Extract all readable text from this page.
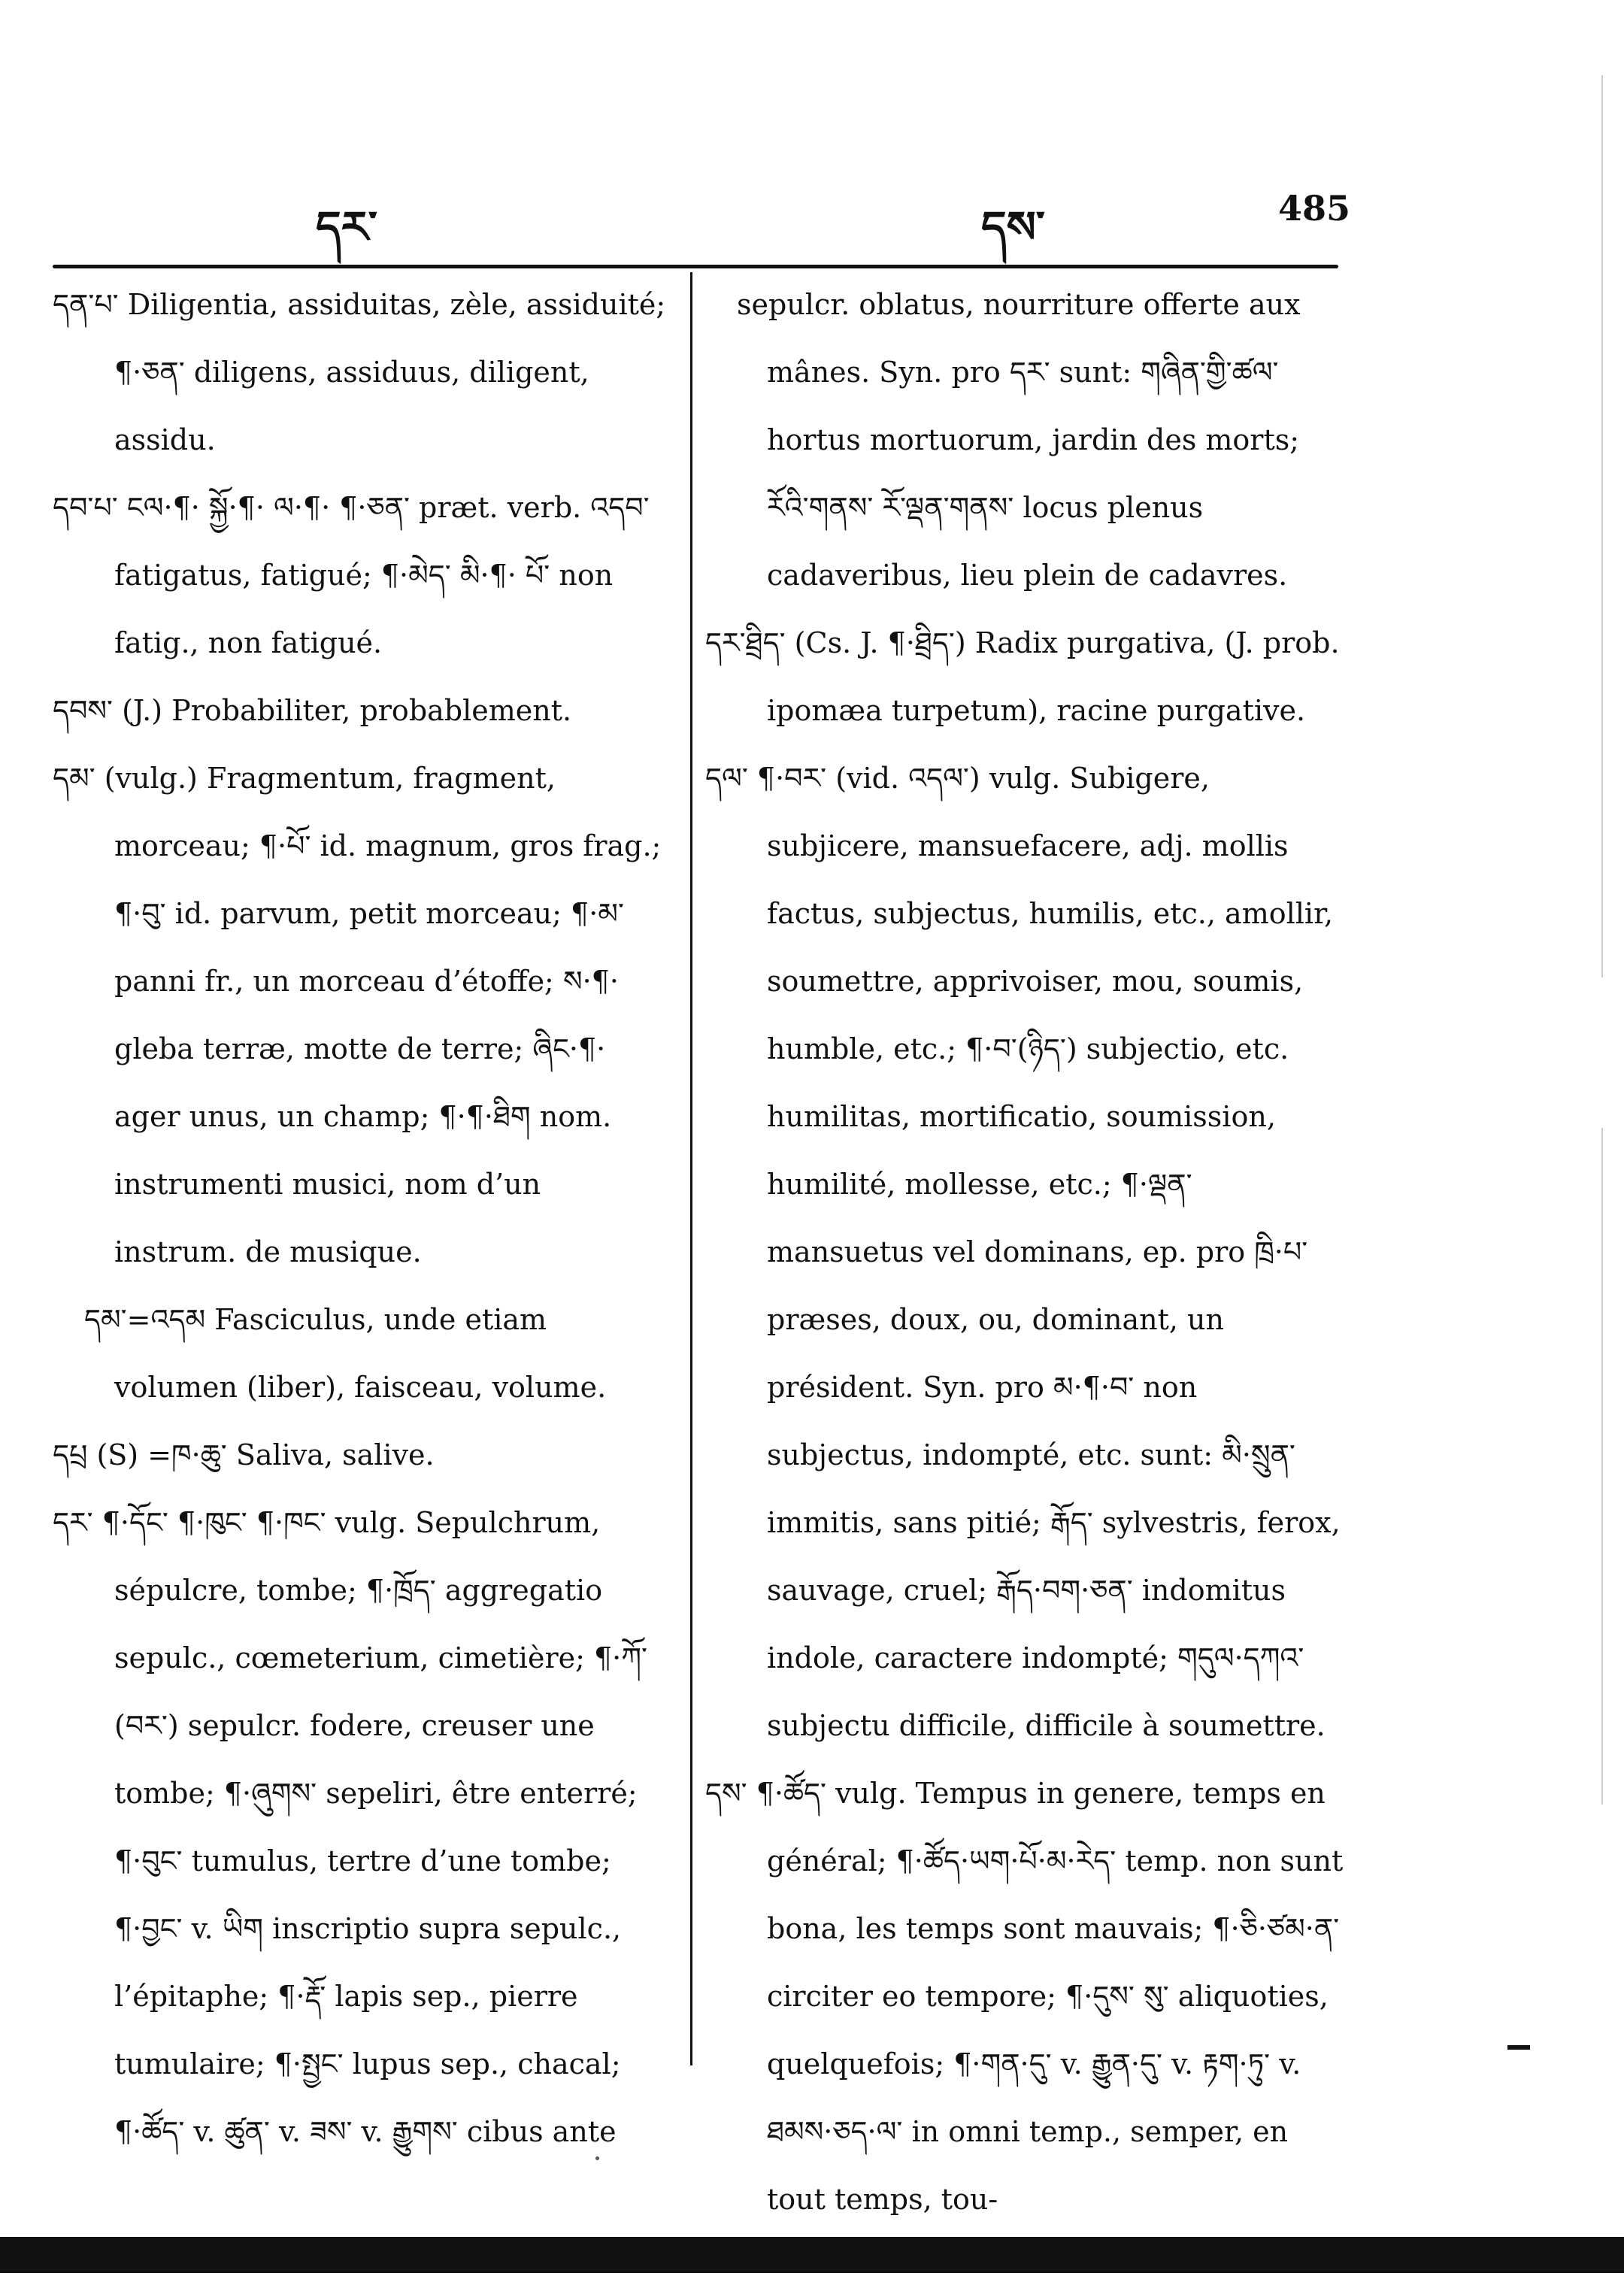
དར་	དས་	485

དན་པ་ Diligentia, assiduitas, zèle, assiduité; ¶·ཅན་ diligens, assiduus, diligent, assidu.

དབ་པ་ ངལ·¶· སྐྱོ·¶· ལ·¶· ¶·ཅན་ præt. verb. འདབ་ fatigatus, fatigué; ¶·མེད་ མི·¶· པོ་ non fatig., non fatigué.

དབས་ (J.) Probabiliter, probablement.

དམ་ (vulg.) Fragmentum, fragment, morceau; ¶·པོ་ id. magnum, gros frag.; ¶·བུ་ id. parvum, petit morceau; ¶·མ་ panni fr., un morceau d’étoffe; ས·¶· gleba terræ, motte de terre; ཞིང·¶· ager unus, un champ; ¶·¶·ཐིག nom. instrumenti musici, nom d’un instrum. de musique.

དམ་=འདམ Fasciculus, unde etiam volumen (liber), faisceau, volume.

དཔྲ (S) =ཁ·ཆུ་ Saliva, salive.

དར་ ¶·དོང་ ¶·ཁུང་ ¶·ཁང་ vulg. Sepulchrum, sépulcre, tombe; ¶·ཁྲོད་ aggregatio sepulc., cœmeterium, cimetière; ¶·ཀོ་(བར་) sepulcr. fodere, creuser une tombe; ¶·ཞུགས་ sepeliri, être enterré; ¶·བུང་ tumulus, tertre d’une tombe; ¶·བྱང་ v. ཡིག inscriptio supra sepulc., l’épitaphe; ¶·རྡོ་ lapis sep., pierre tumulaire; ¶·སྤྱང་ lupus sep., chacal; ¶·ཚོད་ v. ཚུན་ v. ཟས་ v. རྒྱུགས་ cibus ante

sepulcr. oblatus, nourriture offerte aux mânes. Syn. pro དར་ sunt: གཞིན་གྱི་ཚལ་ hortus mortuorum, jardin des morts; རོའི་གནས་ རོ་ལྡན་གནས་ locus plenus cadaveribus, lieu plein de cadavres.

དར་ཐྲིད་ (Cs. J. ¶·ཐྲིད་) Radix purgativa, (J. prob. ipomæa turpetum), racine purgative.

དལ་ ¶·བར་ (vid. འདལ་) vulg. Subigere, subjicere, mansuefacere, adj. mollis factus, subjectus, humilis, etc., amollir, soumettre, apprivoiser, mou, soumis, humble, etc.; ¶·བ་(ཉིད་) subjectio, etc. humilitas, mortificatio, soumission, humilité, mollesse, etc.; ¶·ལྡན་ mansuetus vel dominans, ep. pro ཁྲི·པ་ præses, doux, ou, dominant, un président. Syn. pro མ·¶·བ་ non subjectus, indompté, etc. sunt: མི·སྲུན་ immitis, sans pitié; རྒོད་ sylvestris, ferox, sauvage, cruel; རྒོད·བག·ཅན་ indomitus indole, caractere indompté; གདུལ·དཀའ་ subjectu difficile, difficile à soumettre.

དས་ ¶·ཚོད་ vulg. Tempus in genere, temps en général; ¶·ཚོད·ཡག·པོ·མ·རེད་ temp. non sunt bona, les temps sont mauvais; ¶·ཅི·ཙམ·ན་ circiter eo tempore; ¶·དུས་ སུ་ aliquoties, quelquefois; ¶·གན·དུ་ v. རྒྱུན·དུ་ v. རྟག·ཏུ་ v. ཐམས·ཅད·ལ་ in omni temp., semper, en tout temps, tou-
